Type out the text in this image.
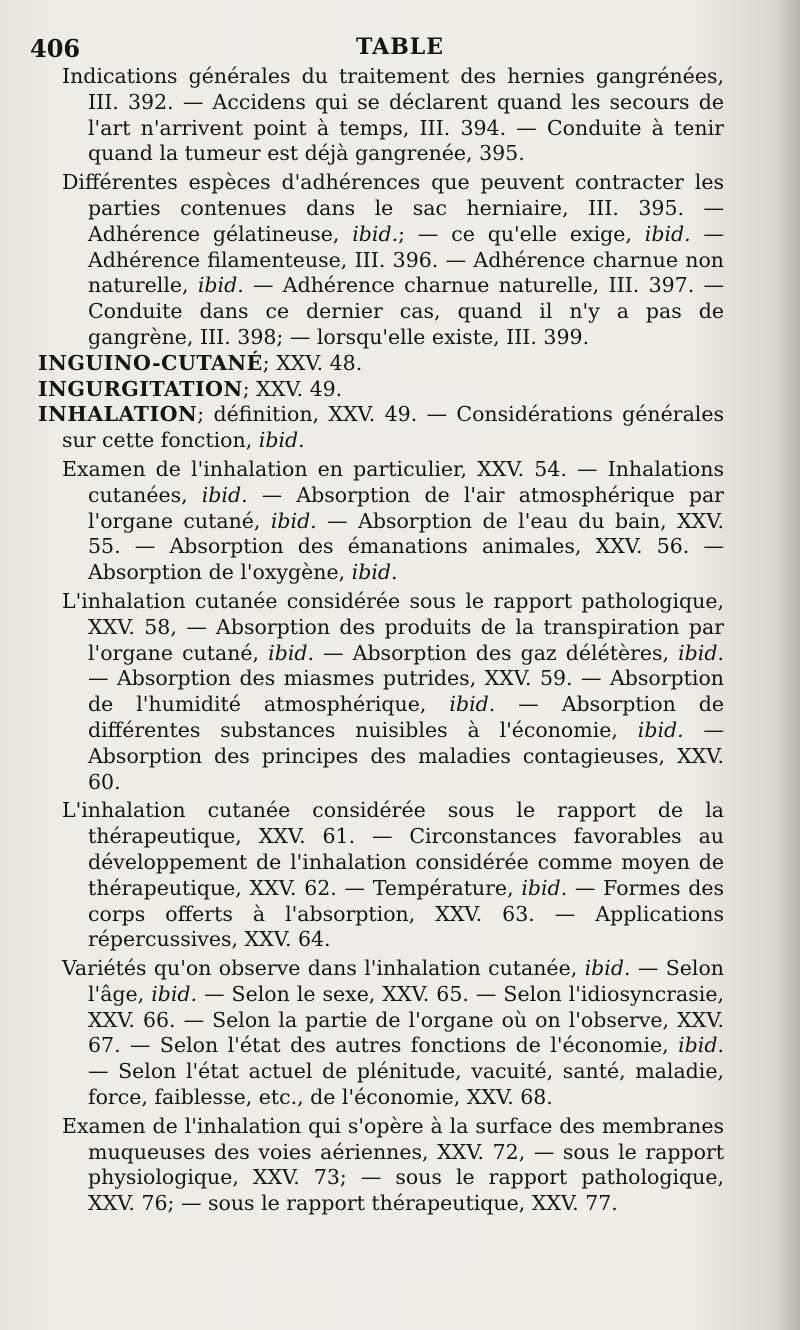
406	TABLE

Indications générales du traitement des hernies gangrénées, III. 392. — Accidens qui se déclarent quand les secours de l'art n'arrivent point à temps, III. 394. — Conduite à tenir quand la tumeur est déjà gangrenée, 395.

Différentes espèces d'adhérences que peuvent contracter les parties contenues dans le sac herniaire, III. 395. — Adhérence gélatineuse, ibid.; — ce qu'elle exige, ibid. — Adhérence filamenteuse, III. 396. — Adhérence charnue non naturelle, ibid. — Adhérence charnue naturelle, III. 397. — Conduite dans ce dernier cas, quand il n'y a pas de gangrène, III. 398; — lorsqu'elle existe, III. 399.

INGUINO-CUTANÉ; XXV. 48.

INGURGITATION; XXV. 49.

INHALATION; définition, XXV. 49. — Considérations générales sur cette fonction, ibid.

Examen de l'inhalation en particulier, XXV. 54. — Inhalations cutanées, ibid. — Absorption de l'air atmosphérique par l'organe cutané, ibid. — Absorption de l'eau du bain, XXV. 55. — Absorption des émanations animales, XXV. 56. — Absorption de l'oxygène, ibid.

L'inhalation cutanée considérée sous le rapport pathologique, XXV. 58, — Absorption des produits de la transpiration par l'organe cutané, ibid. — Absorption des gaz délétères, ibid. — Absorption des miasmes putrides, XXV. 59. — Absorption de l'humidité atmosphérique, ibid. — Absorption de différentes substances nuisibles à l'économie, ibid. — Absorption des principes des maladies contagieuses, XXV. 60.

L'inhalation cutanée considérée sous le rapport de la thérapeutique, XXV. 61. — Circonstances favorables au développement de l'inhalation considérée comme moyen de thérapeutique, XXV. 62. — Température, ibid. — Formes des corps offerts à l'absorption, XXV. 63. — Applications répercussives, XXV. 64.

Variétés qu'on observe dans l'inhalation cutanée, ibid. — Selon l'âge, ibid. — Selon le sexe, XXV. 65. — Selon l'idiosyncrasie, XXV. 66. — Selon la partie de l'organe où on l'observe, XXV. 67. — Selon l'état des autres fonctions de l'économie, ibid. — Selon l'état actuel de plénitude, vacuité, santé, maladie, force, faiblesse, etc., de l'économie, XXV. 68.

Examen de l'inhalation qui s'opère à la surface des membranes muqueuses des voies aériennes, XXV. 72, — sous le rapport physiologique, XXV. 73; — sous le rapport pathologique, XXV. 76; — sous le rapport thérapeutique, XXV. 77.
